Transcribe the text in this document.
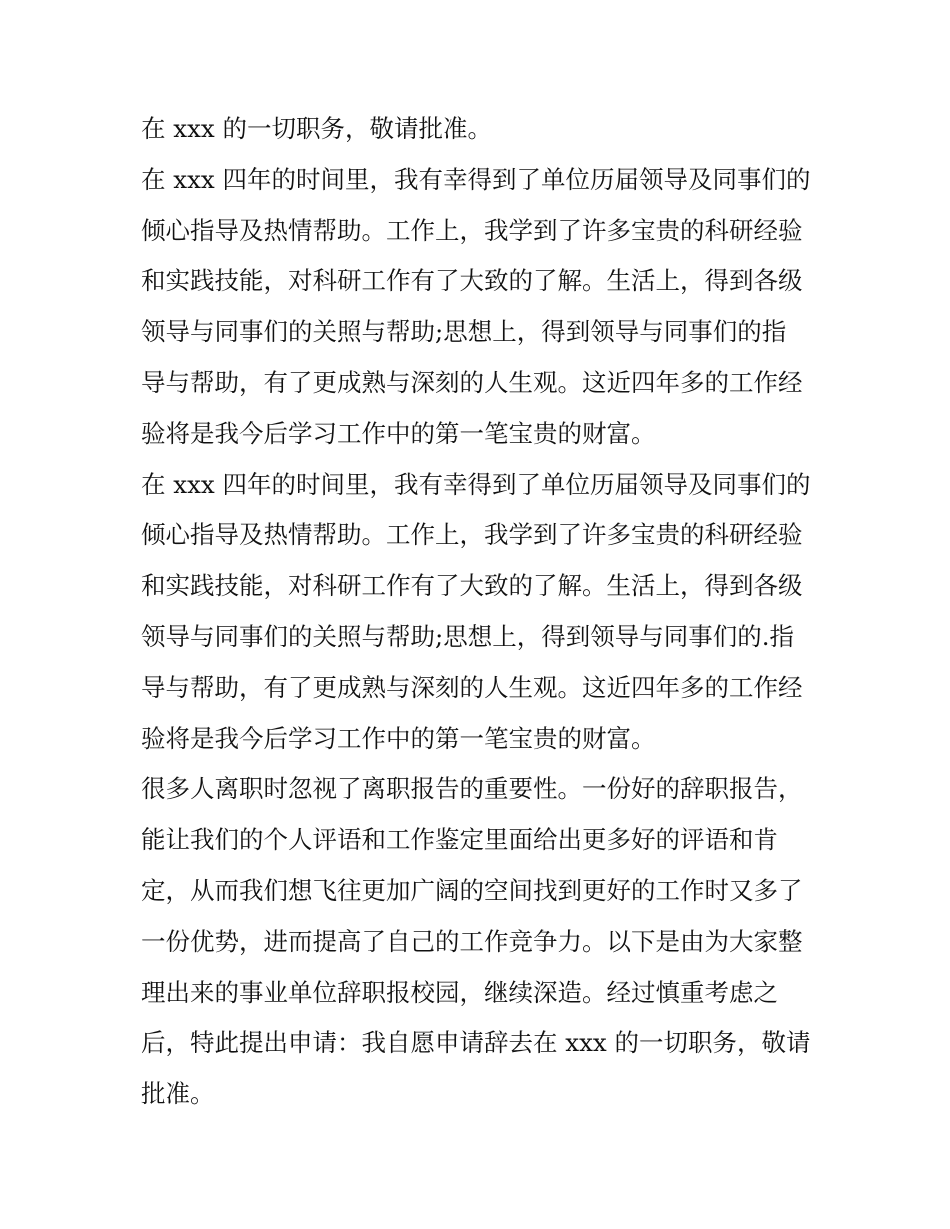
在 xxx 的一切职务，敬请批准。
在 xxx 四年的时间里，我有幸得到了单位历届领导及同事们的
倾心指导及热情帮助。工作上，我学到了许多宝贵的科研经验
和实践技能，对科研工作有了大致的了解。生活上，得到各级
领导与同事们的关照与帮助;思想上，得到领导与同事们的指
导与帮助，有了更成熟与深刻的人生观。这近四年多的工作经
验将是我今后学习工作中的第一笔宝贵的财富。
在 xxx 四年的时间里，我有幸得到了单位历届领导及同事们的
倾心指导及热情帮助。工作上，我学到了许多宝贵的科研经验
和实践技能，对科研工作有了大致的了解。生活上，得到各级
领导与同事们的关照与帮助;思想上，得到领导与同事们的.指
导与帮助，有了更成熟与深刻的人生观。这近四年多的工作经
验将是我今后学习工作中的第一笔宝贵的财富。
很多人离职时忽视了离职报告的重要性。一份好的辞职报告，
能让我们的个人评语和工作鉴定里面给出更多好的评语和肯
定，从而我们想飞往更加广阔的空间找到更好的工作时又多了
一份优势，进而提高了自己的工作竞争力。以下是由为大家整
理出来的事业单位辞职报校园，继续深造。经过慎重考虑之
后，特此提出申请：我自愿申请辞去在 xxx 的一切职务，敬请
批准。
